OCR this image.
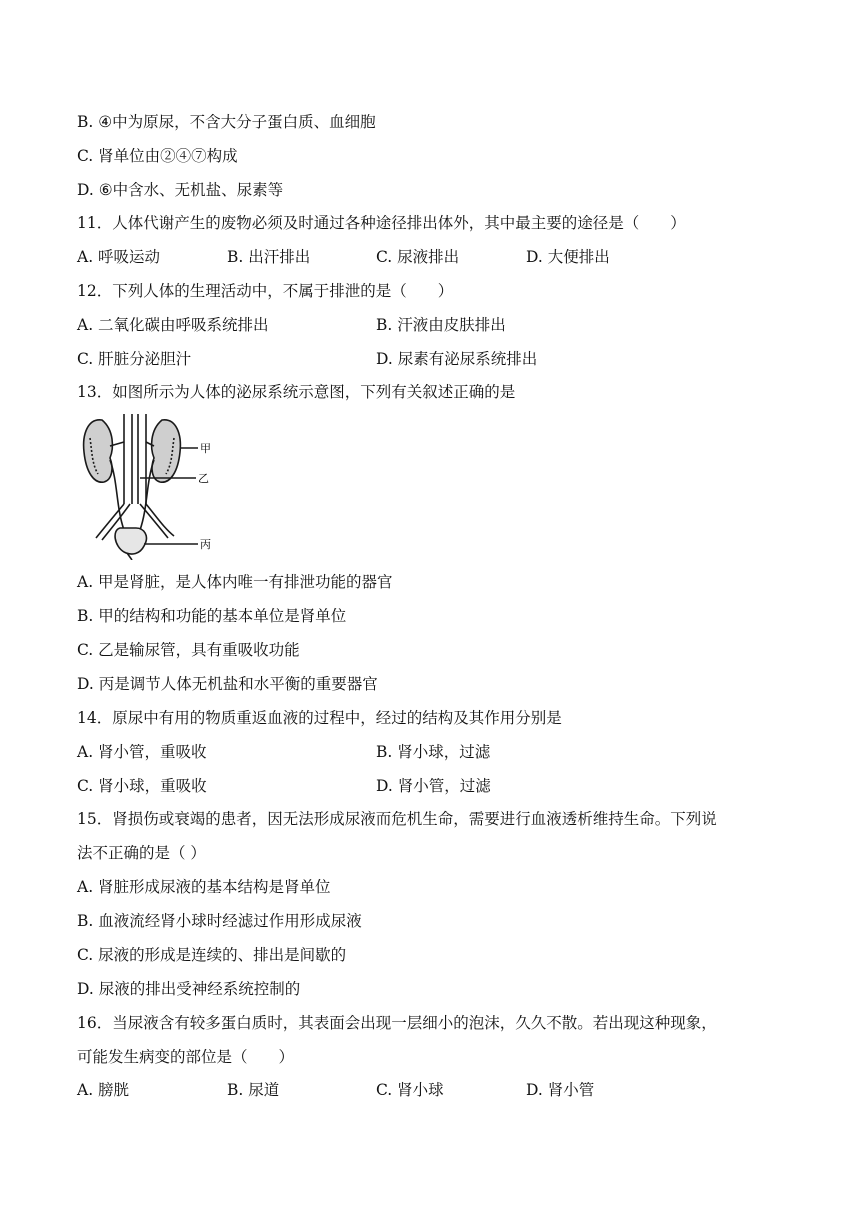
B. ④中为原尿，不含大分子蛋白质、血细胞
C. 肾单位由②④⑦构成
D. ⑥中含水、无机盐、尿素等
11．人体代谢产生的废物必须及时通过各种途径排出体外，其中最主要的途径是（　　）
A. 呼吸运动	B. 出汗排出	C. 尿液排出	D. 大便排出
12．下列人体的生理活动中，不属于排泄的是（　　）
A. 二氧化碳由呼吸系统排出	B. 汗液由皮肤排出
C. 肝脏分泌胆汁	D. 尿素有泌尿系统排出
13．如图所示为人体的泌尿系统示意图，下列有关叙述正确的是
甲
乙
丙
A. 甲是肾脏，是人体内唯一有排泄功能的器官
B. 甲的结构和功能的基本单位是肾单位
C. 乙是输尿管，具有重吸收功能
D. 丙是调节人体无机盐和水平衡的重要器官
14．原尿中有用的物质重返血液的过程中，经过的结构及其作用分别是
A. 肾小管，重吸收	B. 肾小球，过滤
C. 肾小球，重吸收	D. 肾小管，过滤
15．肾损伤或衰竭的患者，因无法形成尿液而危机生命，需要进行血液透析维持生命。下列说
法不正确的是（ ）
A. 肾脏形成尿液的基本结构是肾单位
B. 血液流经肾小球时经滤过作用形成尿液
C. 尿液的形成是连续的、排出是间歇的
D. 尿液的排出受神经系统控制的
16．当尿液含有较多蛋白质时，其表面会出现一层细小的泡沫，久久不散。若出现这种现象，
可能发生病变的部位是（　　）
A. 膀胱	B. 尿道	C. 肾小球	D. 肾小管
